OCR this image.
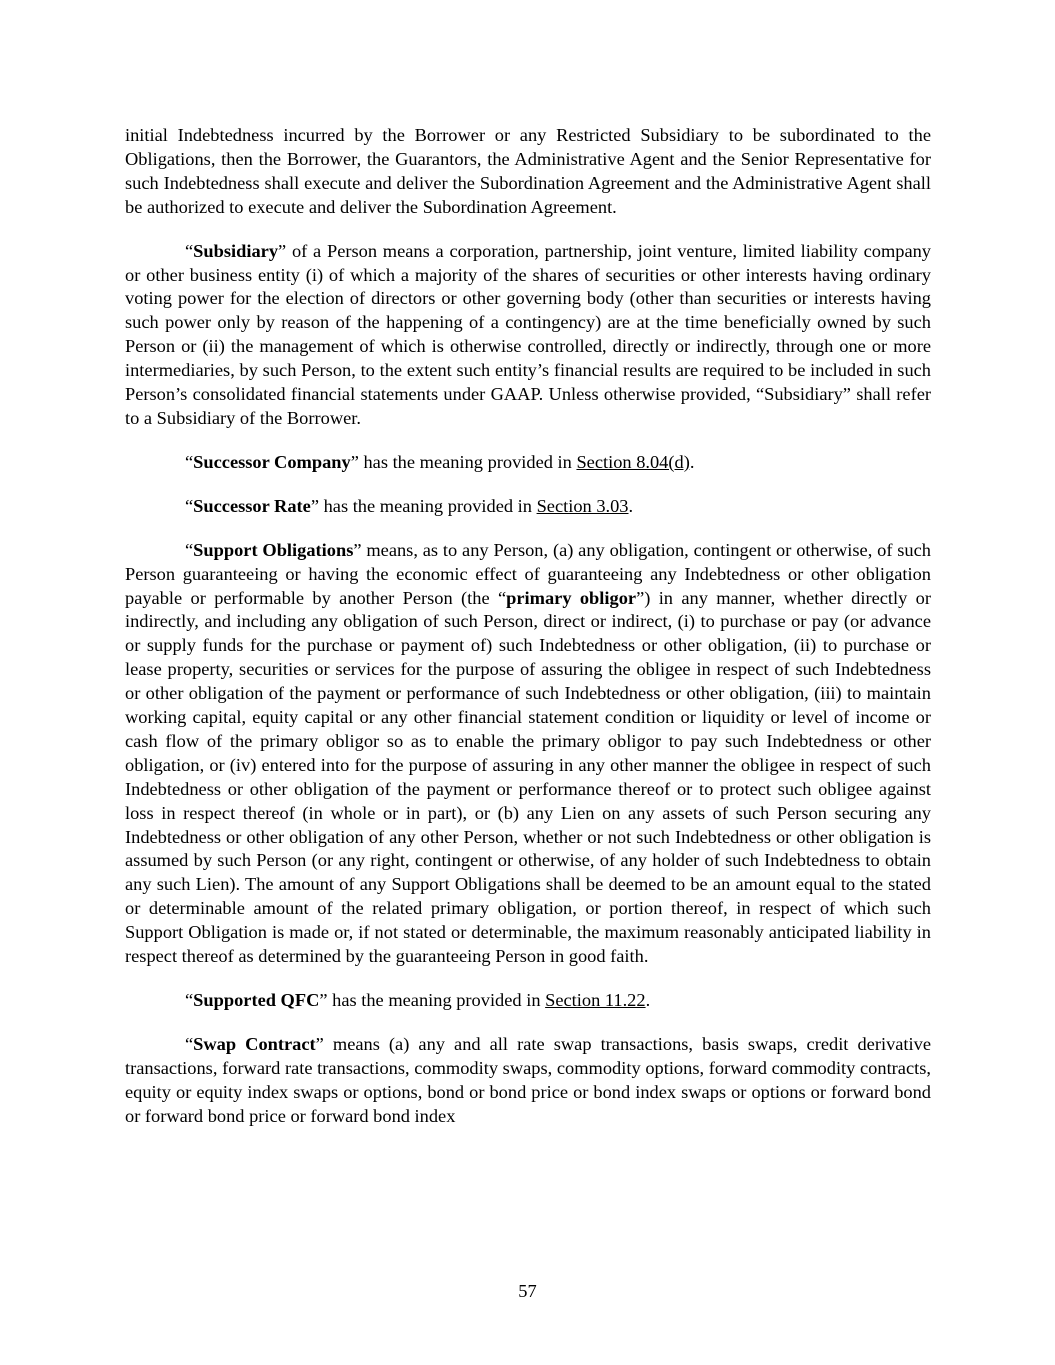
initial Indebtedness incurred by the Borrower or any Restricted Subsidiary to be subordinated to the Obligations, then the Borrower, the Guarantors, the Administrative Agent and the Senior Representative for such Indebtedness shall execute and deliver the Subordination Agreement and the Administrative Agent shall be authorized to execute and deliver the Subordination Agreement.

“Subsidiary” of a Person means a corporation, partnership, joint venture, limited liability company or other business entity (i) of which a majority of the shares of securities or other interests having ordinary voting power for the election of directors or other governing body (other than securities or interests having such power only by reason of the happening of a contingency) are at the time beneficially owned by such Person or (ii) the management of which is otherwise controlled, directly or indirectly, through one or more intermediaries, by such Person, to the extent such entity’s financial results are required to be included in such Person’s consolidated financial statements under GAAP. Unless otherwise provided, “Subsidiary” shall refer to a Subsidiary of the Borrower.

“Successor Company” has the meaning provided in Section 8.04(d).

“Successor Rate” has the meaning provided in Section 3.03.

“Support Obligations” means, as to any Person, (a) any obligation, contingent or otherwise, of such Person guaranteeing or having the economic effect of guaranteeing any Indebtedness or other obligation payable or performable by another Person (the “primary obligor”) in any manner, whether directly or indirectly, and including any obligation of such Person, direct or indirect, (i) to purchase or pay (or advance or supply funds for the purchase or payment of) such Indebtedness or other obligation, (ii) to purchase or lease property, securities or services for the purpose of assuring the obligee in respect of such Indebtedness or other obligation of the payment or performance of such Indebtedness or other obligation, (iii) to maintain working capital, equity capital or any other financial statement condition or liquidity or level of income or cash flow of the primary obligor so as to enable the primary obligor to pay such Indebtedness or other obligation, or (iv) entered into for the purpose of assuring in any other manner the obligee in respect of such Indebtedness or other obligation of the payment or performance thereof or to protect such obligee against loss in respect thereof (in whole or in part), or (b) any Lien on any assets of such Person securing any Indebtedness or other obligation of any other Person, whether or not such Indebtedness or other obligation is assumed by such Person (or any right, contingent or otherwise, of any holder of such Indebtedness to obtain any such Lien). The amount of any Support Obligations shall be deemed to be an amount equal to the stated or determinable amount of the related primary obligation, or portion thereof, in respect of which such Support Obligation is made or, if not stated or determinable, the maximum reasonably anticipated liability in respect thereof as determined by the guaranteeing Person in good faith.

“Supported QFC” has the meaning provided in Section 11.22.

“Swap Contract” means (a) any and all rate swap transactions, basis swaps, credit derivative transactions, forward rate transactions, commodity swaps, commodity options, forward commodity contracts, equity or equity index swaps or options, bond or bond price or bond index swaps or options or forward bond or forward bond price or forward bond index

57
